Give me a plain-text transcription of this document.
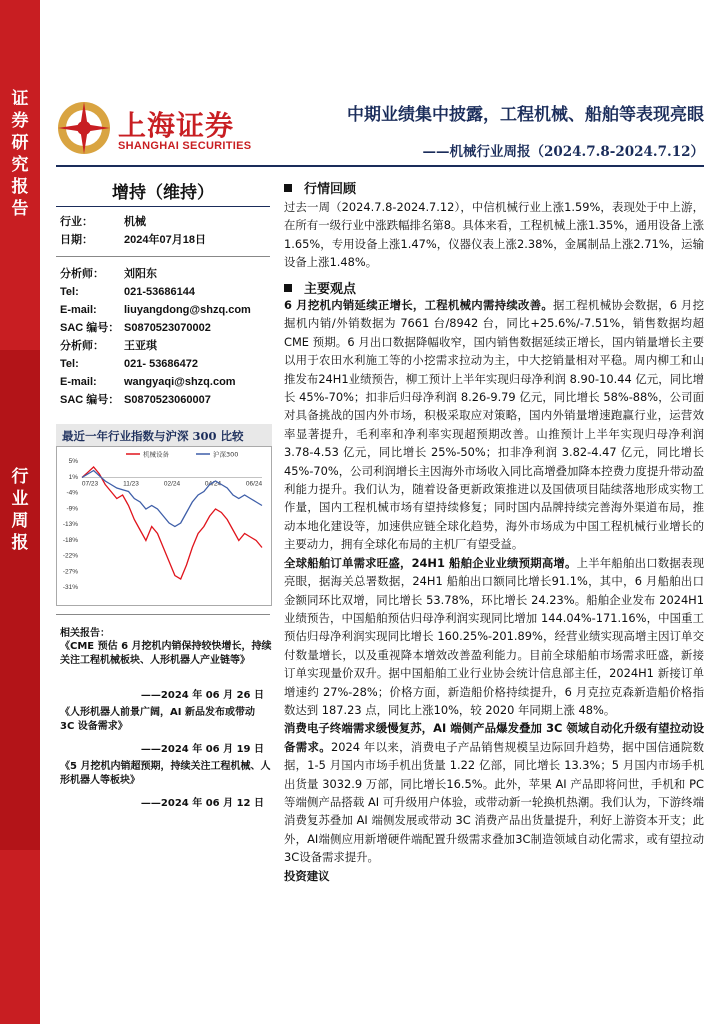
证
券
研
究
报
告
行
业
周
报
上海证券
SHANGHAI SECURITIES
中期业绩集中披露，工程机械、船舶等表现亮眼
——机械行业周报（2024.7.8-2024.7.12）
增持（维持）
行业：	机械
日期：	2024年07月18日
分析师： 刘阳东
Tel:	021-53686144
E-mail: liuyangdong@shzq.com
SAC 编号： S0870523070002
分析师： 王亚琪
Tel:	021- 53686472
E-mail: wangyaqi@shzq.com
SAC 编号： S0870523060007
最近一年行业指数与沪深 300 比较
5%
1%
-4%
-9%
-13%
-18%
-22%
-27%
-31%
07/23	11/23	02/24	04/24	06/24
机械设备	沪深300
相关报告：
《CME 预估 6 月挖机内销保持较快增长，持续关注工程机械板块、人形机器人产业链等》
——2024 年 06 月 26 日
《人形机器人前景广阔，AI 新品发布或带动 3C 设备需求》
——2024 年 06 月 19 日
《5 月挖机内销超预期，持续关注工程机械、人形机器人等板块》
——2024 年 06 月 12 日
行情回顾

过去一周（2024.7.8-2024.7.12），中信机械行业上涨1.59%，表现处于中上游，在所有一级行业中涨跌幅排名第8。具体来看，工程机械上涨1.35%，通用设备上涨1.65%，专用设备上涨1.47%，仪器仪表上涨2.38%，金属制品上涨2.71%，运输设备上涨1.48%。

主要观点

6 月挖机内销延续正增长，工程机械内需持续改善。据工程机械协会数据，6 月挖掘机内销/外销数据为 7661 台/8942 台，同比+25.6%/-7.51%，销售数据均超 CME 预期。6 月出口数据降幅收窄，国内销售数据延续正增长，国内销量增长主要以用于农田水利施工等的小挖需求拉动为主，中大挖销量相对平稳。周内柳工和山推发布24H1业绩预告，柳工预计上半年实现归母净利润 8.90-10.44 亿元，同比增长 45%-70%；扣非后归母净利润 8.26-9.79 亿元，同比增长 58%-88%，公司面对具备挑战的国内外市场，积极采取应对策略，国内外销量增速跑赢行业，运营效率显著提升，毛利率和净利率实现超预期改善。山推预计上半年实现归母净利润 3.78-4.53 亿元，同比增长 25%-50%；扣非净利润 3.82-4.47 亿元，同比增长 45%-70%，公司利润增长主因海外市场收入同比高增叠加降本控费力度提升带动盈利能力提升。我们认为，随着设备更新政策推进以及国债项目陆续落地形成实物工作量，国内工程机械市场有望持续修复；同时国内品牌持续完善海外渠道布局，推动本地化建设等，加速供应链全球化趋势，海外市场成为中国工程机械行业增长的主要动力，拥有全球化布局的主机厂有望受益。

全球船舶订单需求旺盛，24H1 船舶企业业绩预期高增。上半年船舶出口数据表现亮眼，据海关总署数据，24H1 船舶出口额同比增长91.1%，其中，6 月船舶出口金额同环比双增，同比增长 53.78%，环比增长 24.23%。船舶企业发布 2024H1 业绩预告，中国船舶预估归母净利润实现同比增加 144.04%-171.16%，中国重工预估归母净利润实现同比增长 160.25%-201.89%，经营业绩实现高增主因订单交付数量增长，以及重视降本增效改善盈利能力。目前全球船舶市场需求旺盛，新接订单实现量价双升。据中国船舶工业行业协会统计信息部主任，2024H1 新接订单增速约 27%-28%；价格方面，新造船价格持续提升，6 月克拉克森新造船价格指数达到 187.23 点，同比上涨10%，较 2020 年同期上涨 48%。

消费电子终端需求缓慢复苏，AI 端侧产品爆发叠加 3C 领域自动化升级有望拉动设备需求。2024 年以来，消费电子产品销售规模呈边际回升趋势，据中国信通院数据，1-5 月国内市场手机出货量 1.22 亿部，同比增长 13.3%；5 月国内市场手机出货量 3032.9 万部，同比增长16.5%。此外，苹果 AI 产品即将问世，手机和 PC 等端侧产品搭载 AI 可升级用户体验，或带动新一轮换机热潮。我们认为，下游终端消费复苏叠加 AI 端侧发展或带动 3C 消费产品出货量提升，利好上游资本开支；此外，AI端侧应用新增硬件端配置升级需求叠加3C制造领域自动化需求，或有望拉动3C设备需求提升。

投资建议
